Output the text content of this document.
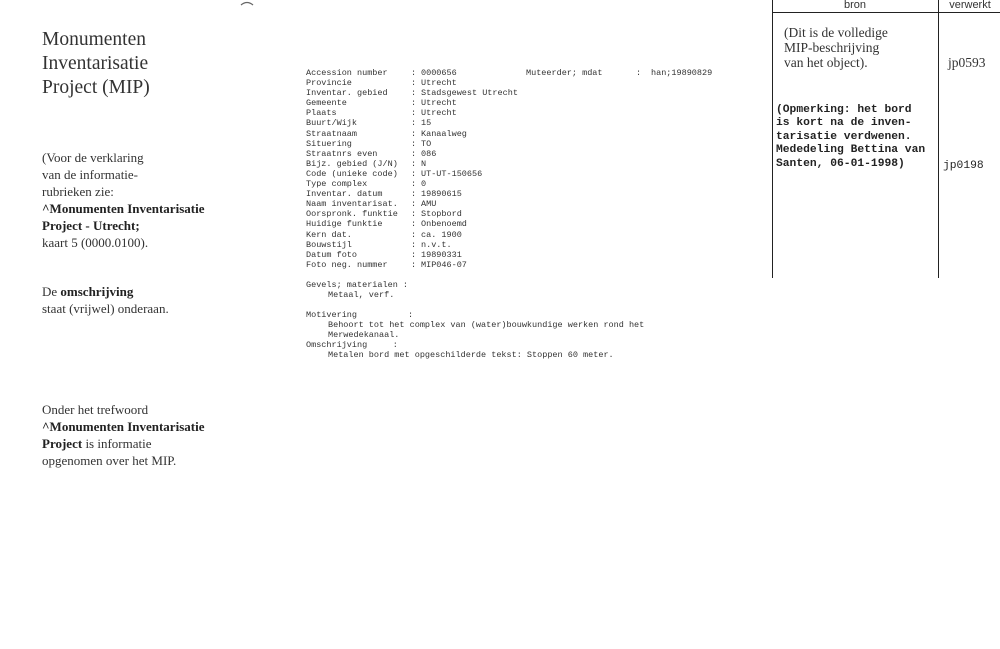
Monumenten
Inventarisatie
Project (MIP)
(Voor de verklaring
van de informatie-
rubrieken zie:
^Monumenten Inventarisatie
Project - Utrecht;
kaart 5 (0000.0100).
De omschrijving
staat (vrijwel) onderaan.
Onder het trefwoord
^Monumenten Inventarisatie
Project is informatie
opgenomen over het MIP.
Accession number	: 0000656	Muteerder; mdat	:	han;19890829
Provincie	: Utrecht
Inventar. gebied	: Stadsgewest Utrecht
Gemeente	: Utrecht
Plaats	: Utrecht
Buurt/Wijk	: 15
Straatnaam	: Kanaalweg
Situering	: TO
Straatnrs even	: 086
Bijz. gebied (J/N)	: N
Code (unieke code)	: UT-UT-150656
Type complex	: 0
Inventar. datum	: 19890615
Naam inventarisat.	: AMU
Oorspronk. funktie	: Stopbord
Huidige funktie	: Onbenoemd
Kern dat.	: ca. 1900
Bouwstijl	: n.v.t.
Datum foto	: 19890331
Foto neg. nummer	: MIP046-07
Gevels; materialen :
Metaal, verf.
Motivering          :
Behoort tot het complex van (water)bouwkundige werken rond het
Merwedekanaal.
Omschrijving     :
Metalen bord met opgeschilderde tekst: Stoppen 60 meter.
bron	verwerkt
(Dit is de volledige
MIP-beschrijving
van het object).	jp0593
(Opmerking: het bord
is kort na de inven-
tarisatie verdwenen.
Mededeling Bettina van
Santen, 06-01-1998)	jp0198
